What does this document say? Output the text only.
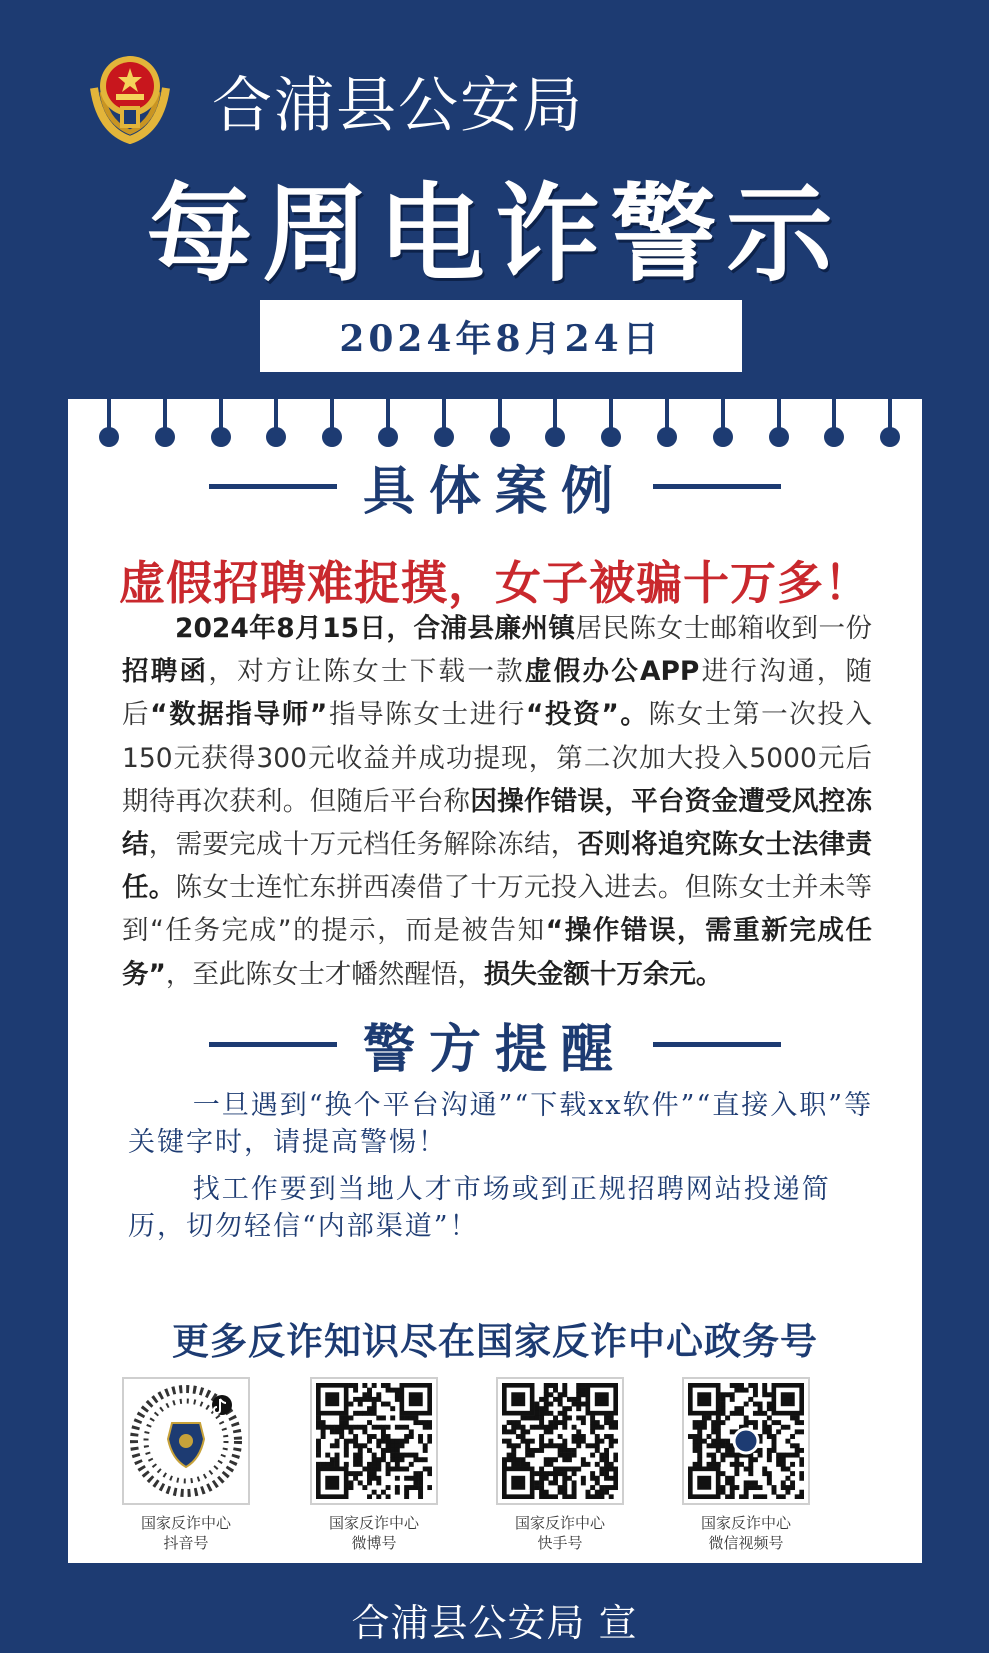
合浦县公安局
每周电诈警示
2024年8月24日
具体案例
虚假招聘难捉摸，女子被骗十万多！

2024年8月15日，合浦县廉州镇居民陈女士邮箱收到一份招聘函，对方让陈女士下载一款虚假办公APP进行沟通，随后“数据指导师”指导陈女士进行“投资”。陈女士第一次投入150元获得300元收益并成功提现，第二次加大投入5000元后期待再次获利。但随后平台称因操作错误，平台资金遭受风控冻结，需要完成十万元档任务解除冻结，否则将追究陈女士法律责任。陈女士连忙东拼西凑借了十万元投入进去。但陈女士并未等到“任务完成”的提示，而是被告知“操作错误，需重新完成任务”，至此陈女士才幡然醒悟，损失金额十万余元。

警方提醒

一旦遇到“换个平台沟通”“下载xx软件”“直接入职”等关键字时，请提高警惕！

找工作要到当地人才市场或到正规招聘网站投递简历，切勿轻信“内部渠道”！

更多反诈知识尽在国家反诈中心政务号
国家反诈中心
抖音号
国家反诈中心
微博号
国家反诈中心
快手号
国家反诈中心
微信视频号
合浦县公安局 宣
